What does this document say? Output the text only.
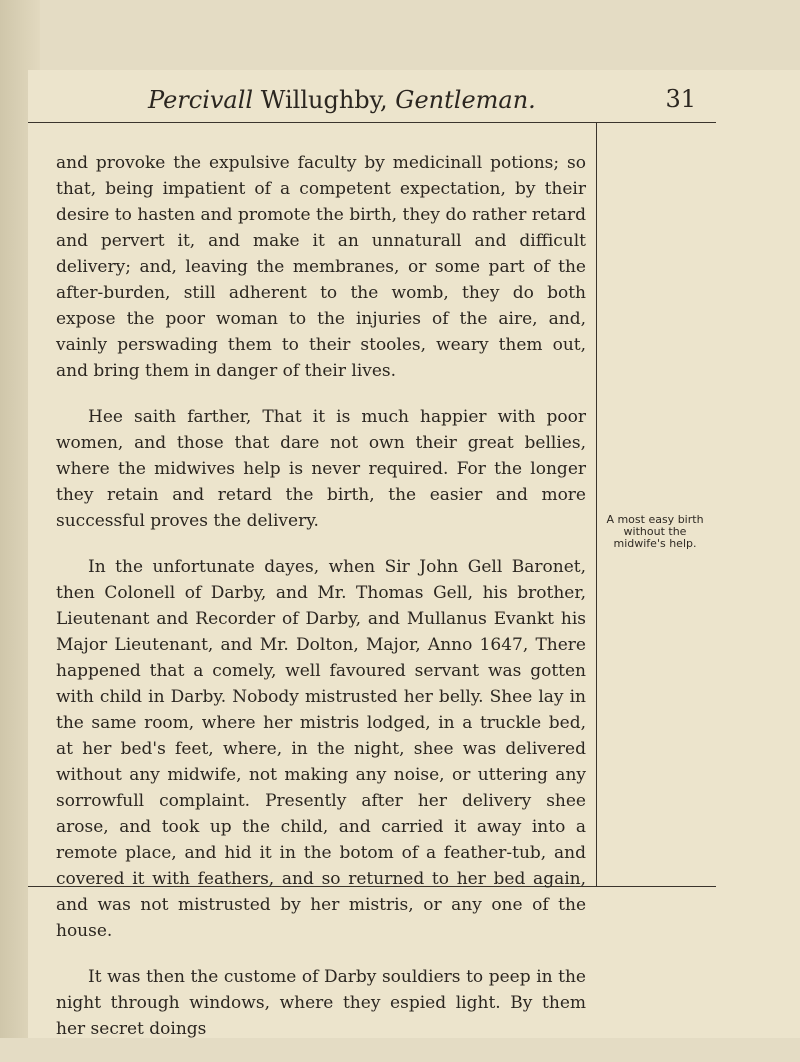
Percivall Willughby, Gentleman.	31

and provoke the expulsive faculty by medicinall potions; so that, being impatient of a competent expectation, by their desire to hasten and promote the birth, they do rather retard and pervert it, and make it an unnaturall and difficult delivery; and, leaving the membranes, or some part of the after-burden, still adherent to the womb, they do both expose the poor woman to the injuries of the aire, and, vainly perswading them to their stooles, weary them out, and bring them in danger of their lives.

Hee saith farther, That it is much happier with poor women, and those that dare not own their great bellies, where the midwives help is never required. For the longer they retain and retard the birth, the easier and more successful proves the delivery.

In the unfortunate dayes, when Sir John Gell Baronet, then Colonell of Darby, and Mr. Thomas Gell, his brother, Lieutenant and Recorder of Darby, and Mullanus Evankt his Major Lieutenant, and Mr. Dolton, Major, Anno 1647, There happened that a comely, well favoured servant was gotten with child in Darby. Nobody mistrusted her belly. Shee lay in the same room, where her mistris lodged, in a truckle bed, at her bed's feet, where, in the night, shee was delivered without any midwife, not making any noise, or uttering any sorrowfull complaint. Presently after her delivery shee arose, and took up the child, and carried it away into a remote place, and hid it in the botom of a feather-tub, and covered it with feathers, and so returned to her bed again, and was not mistrusted by her mistris, or any one of the house.

It was then the custome of Darby souldiers to peep in the night through windows, where they espied light. By them her secret doings

A most easy birth without the midwife's help.
